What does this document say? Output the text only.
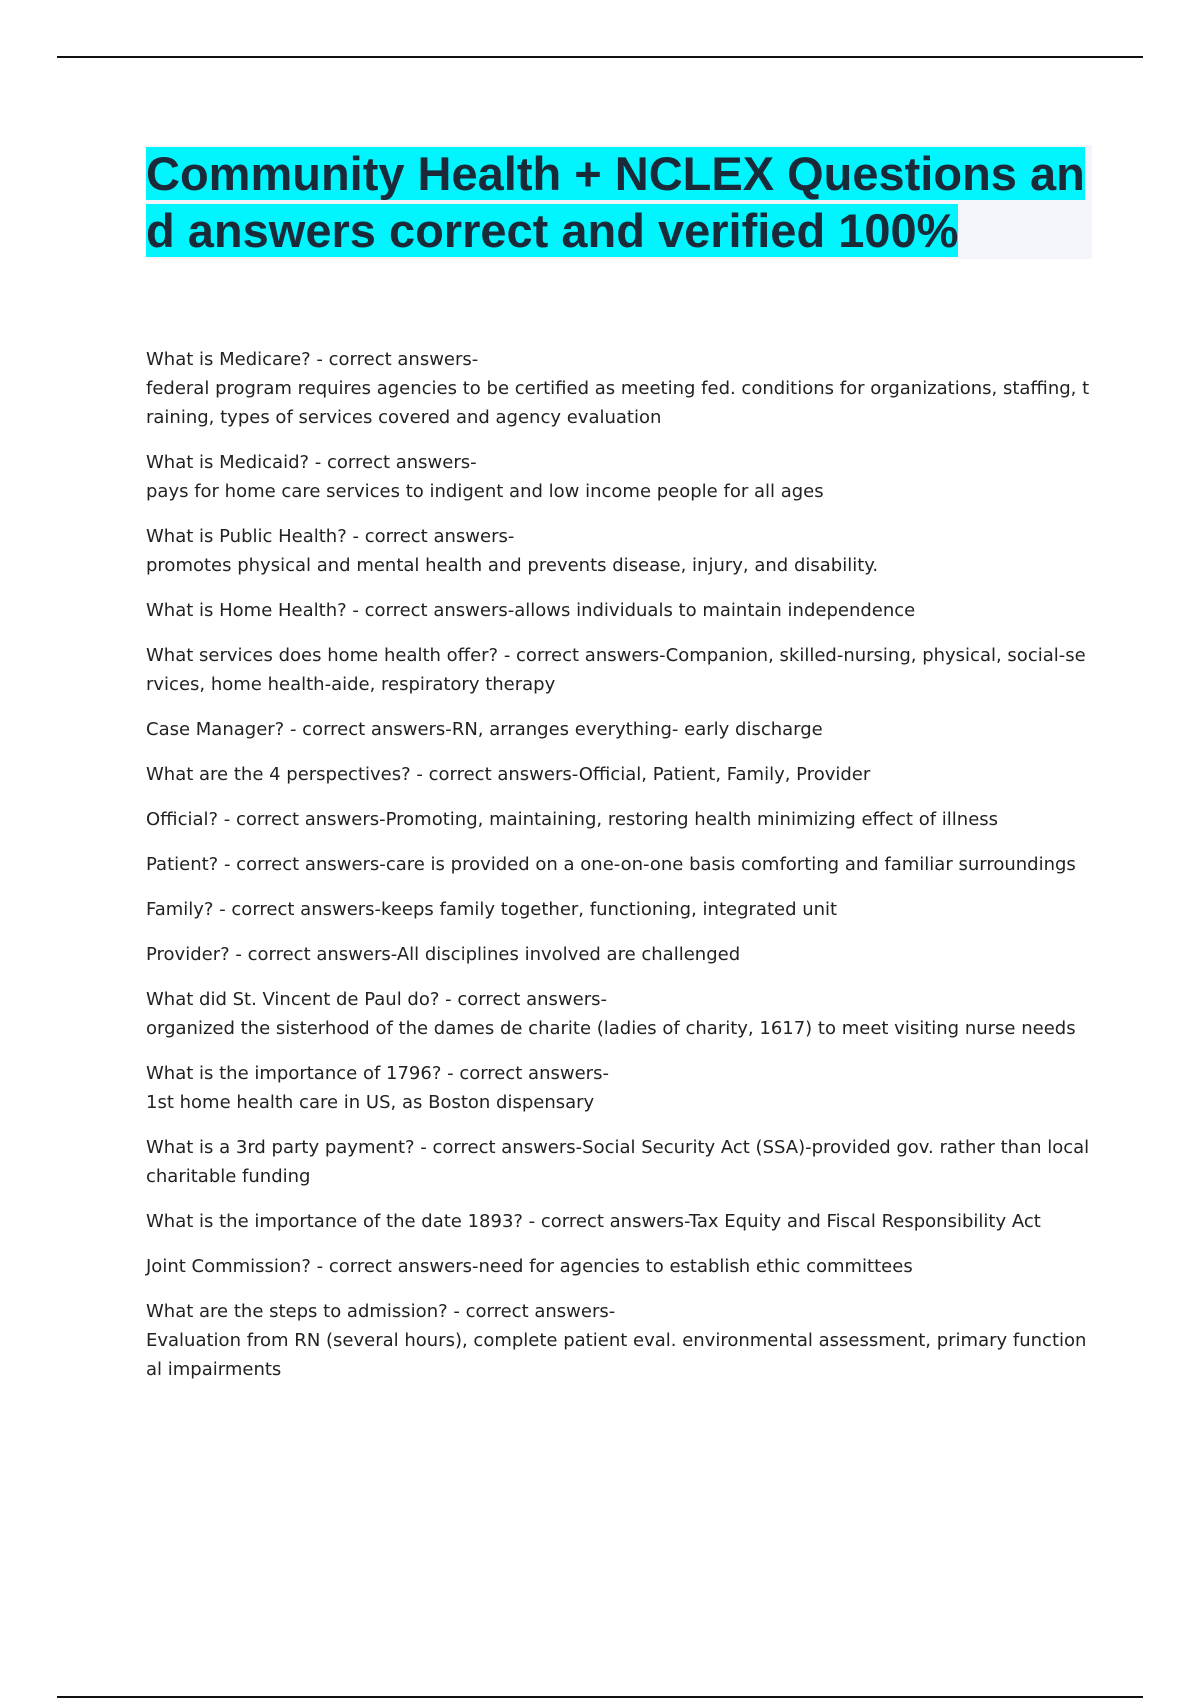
Community Health + NCLEX Questions and answers correct and verified 100%

What is Medicare? - correct answers-
federal program requires agencies to be certified as meeting fed. conditions for organizations, staffing, training, types of services covered and agency evaluation

What is Medicaid? - correct answers-
pays for home care services to indigent and low income people for all ages

What is Public Health? - correct answers-
promotes physical and mental health and prevents disease, injury, and disability.

What is Home Health? - correct answers-allows individuals to maintain independence

What services does home health offer? - correct answers-Companion, skilled-nursing, physical, social-services, home health-aide, respiratory therapy

Case Manager? - correct answers-RN, arranges everything- early discharge

What are the 4 perspectives? - correct answers-Official, Patient, Family, Provider

Official? - correct answers-Promoting, maintaining, restoring health minimizing effect of illness

Patient? - correct answers-care is provided on a one-on-one basis comforting and familiar surroundings

Family? - correct answers-keeps family together, functioning, integrated unit

Provider? - correct answers-All disciplines involved are challenged

What did St. Vincent de Paul do? - correct answers-
organized the sisterhood of the dames de charite (ladies of charity, 1617) to meet visiting nurse needs

What is the importance of 1796? - correct answers-
1st home health care in US, as Boston dispensary

What is a 3rd party payment? - correct answers-Social Security Act (SSA)-provided gov. rather than local charitable funding

What is the importance of the date 1893? - correct answers-Tax Equity and Fiscal Responsibility Act

Joint Commission? - correct answers-need for agencies to establish ethic committees

What are the steps to admission? - correct answers-
Evaluation from RN (several hours), complete patient eval. environmental assessment, primary functional impairments
